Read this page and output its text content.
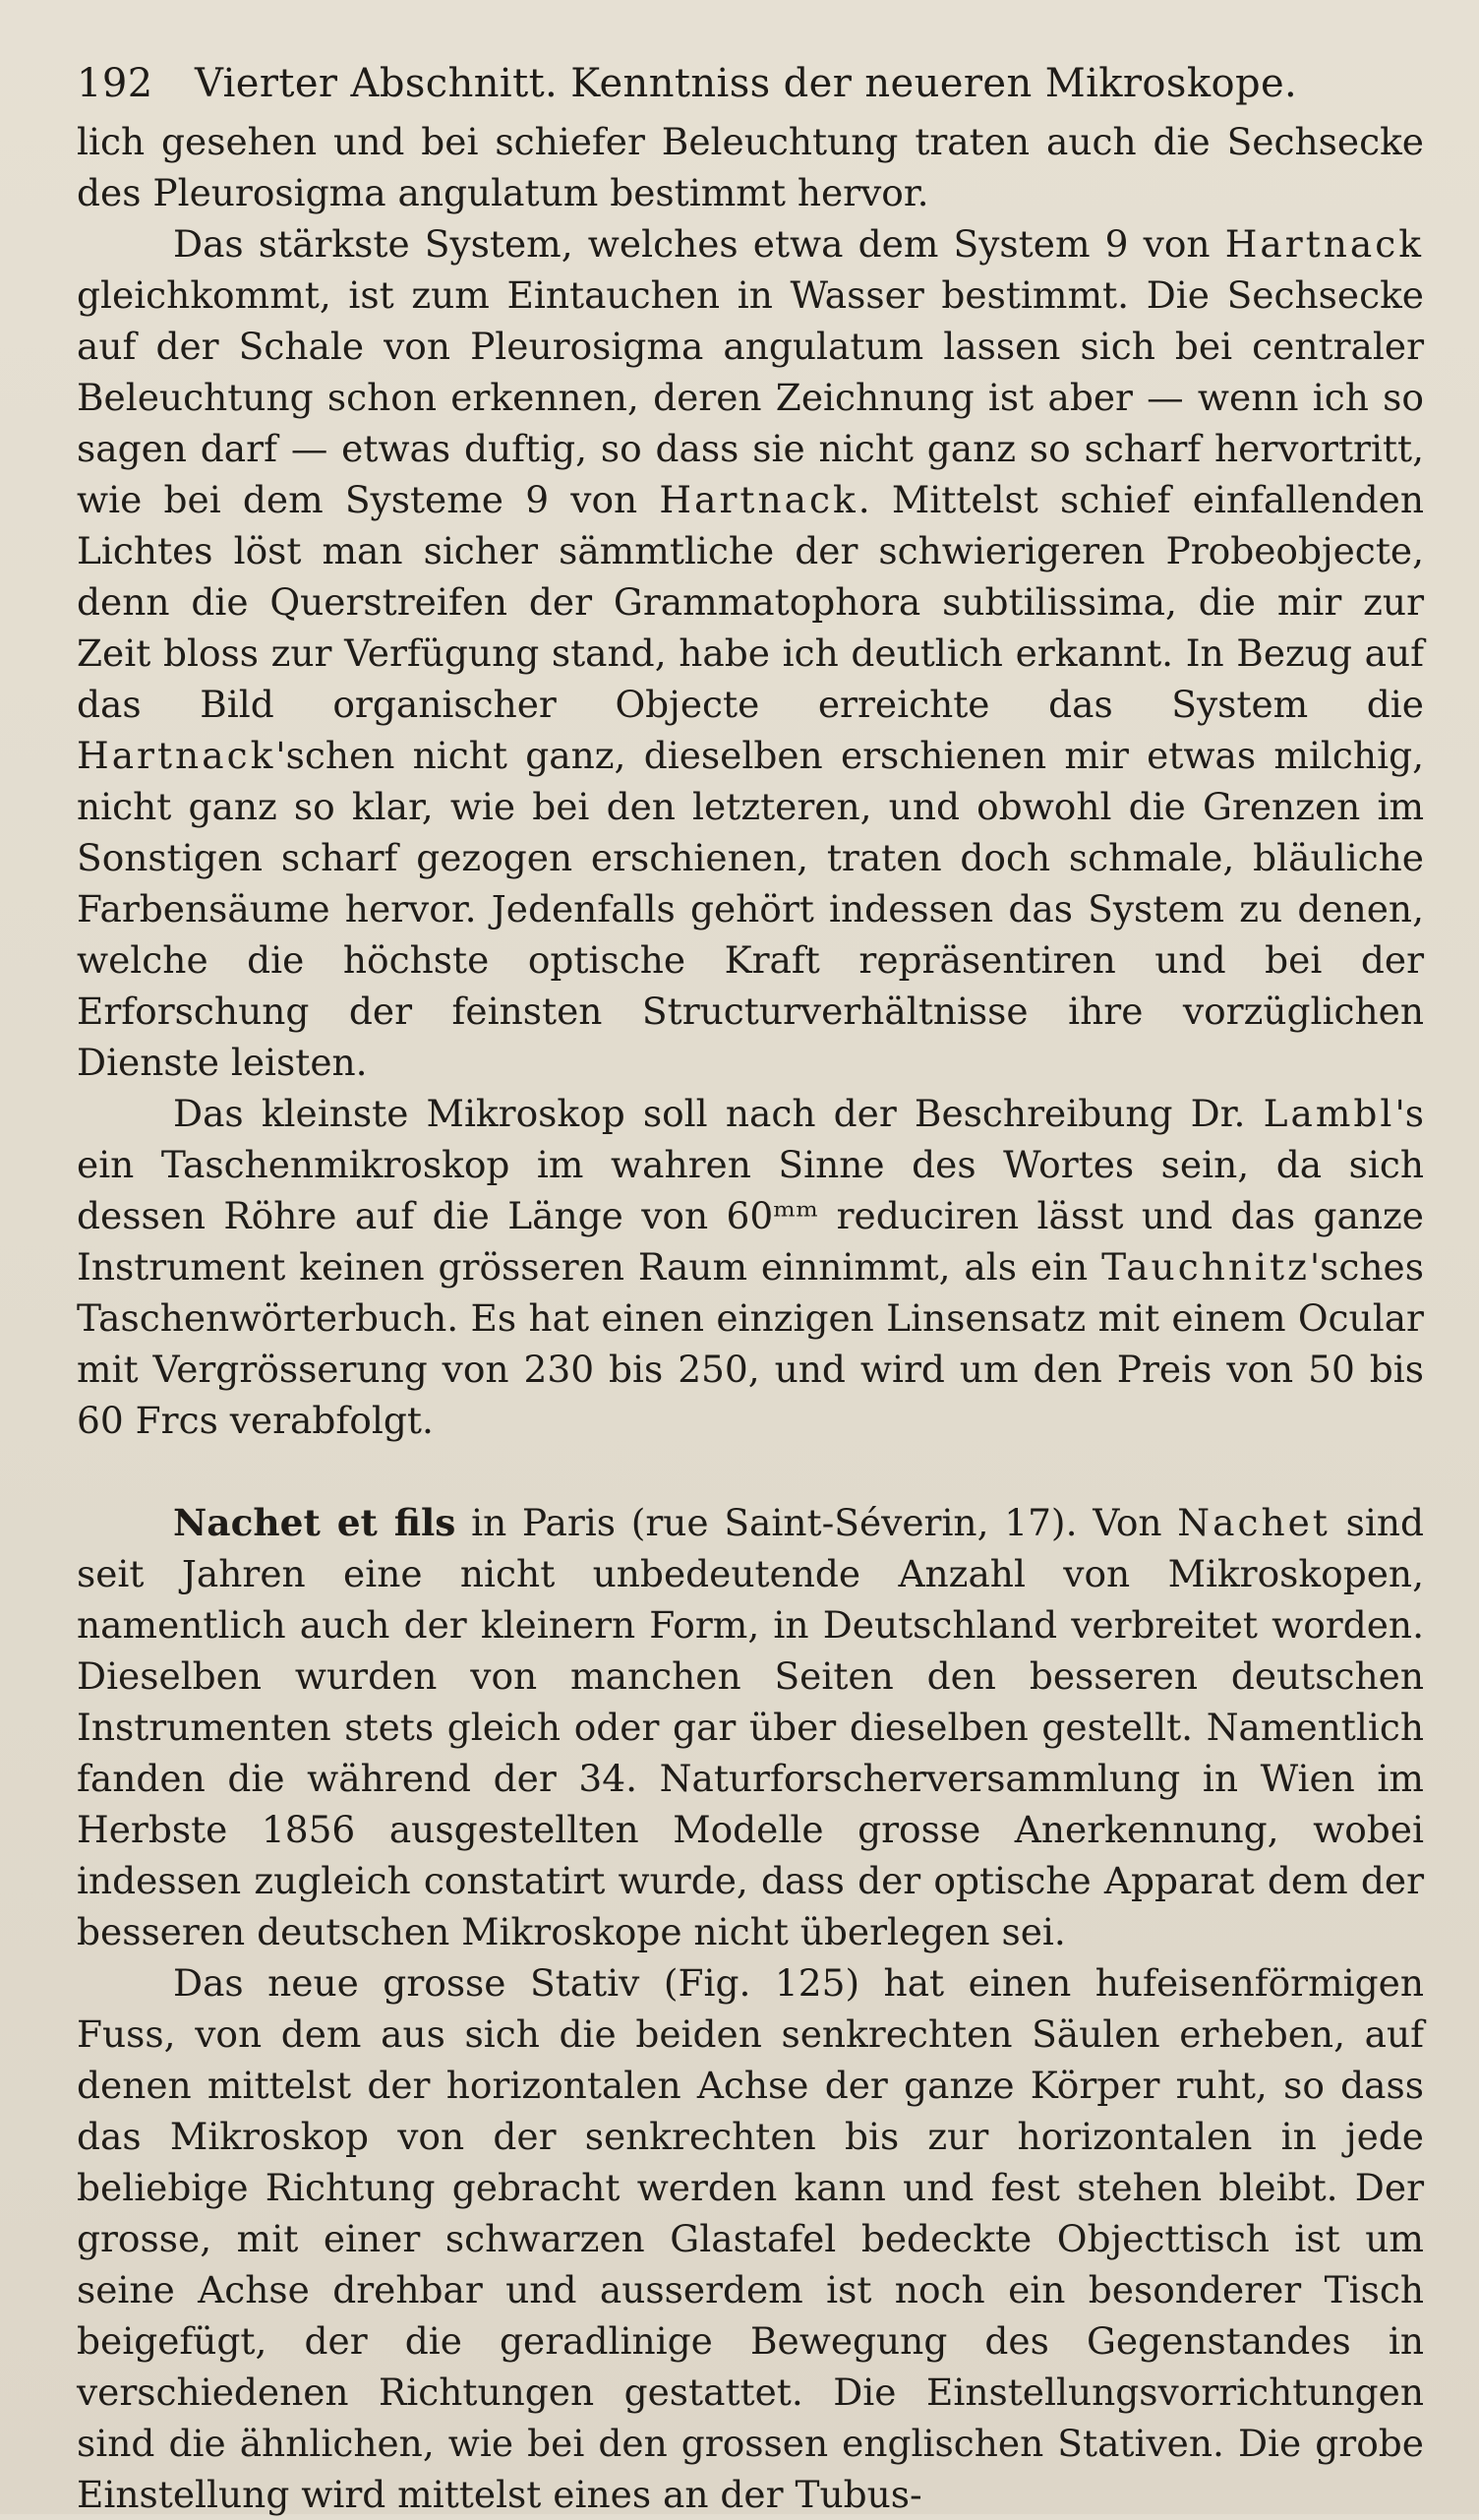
192	Vierter Abschnitt. Kenntniss der neueren Mikroskope.

lich gesehen und bei schiefer Beleuchtung traten auch die Sechsecke des Pleurosigma angulatum bestimmt hervor.

Das stärkste System, welches etwa dem System 9 von Hartnack gleichkommt, ist zum Eintauchen in Wasser bestimmt. Die Sechsecke auf der Schale von Pleurosigma angulatum lassen sich bei centraler Beleuchtung schon erkennen, deren Zeichnung ist aber — wenn ich so sagen darf — etwas duftig, so dass sie nicht ganz so scharf hervortritt, wie bei dem Systeme 9 von Hartnack. Mittelst schief einfallenden Lichtes löst man sicher sämmtliche der schwierigeren Probeobjecte, denn die Querstreifen der Grammatophora subtilissima, die mir zur Zeit bloss zur Verfügung stand, habe ich deutlich erkannt. In Bezug auf das Bild organischer Objecte erreichte das System die Hartnack'schen nicht ganz, dieselben erschienen mir etwas milchig, nicht ganz so klar, wie bei den letzteren, und obwohl die Grenzen im Sonstigen scharf gezogen erschienen, traten doch schmale, bläuliche Farbensäume hervor. Jedenfalls gehört indessen das System zu denen, welche die höchste optische Kraft repräsentiren und bei der Erforschung der feinsten Structurverhältnisse ihre vorzüglichen Dienste leisten.

Das kleinste Mikroskop soll nach der Beschreibung Dr. Lambl's ein Taschenmikroskop im wahren Sinne des Wortes sein, da sich dessen Röhre auf die Länge von 60ᵐᵐ reduciren lässt und das ganze Instrument keinen grösseren Raum einnimmt, als ein Tauchnitz'sches Taschenwörterbuch. Es hat einen einzigen Linsensatz mit einem Ocular mit Vergrösserung von 230 bis 250, und wird um den Preis von 50 bis 60 Frcs verabfolgt.

Nachet et fils in Paris (rue Saint-Séverin, 17). Von Nachet sind seit Jahren eine nicht unbedeutende Anzahl von Mikroskopen, namentlich auch der kleinern Form, in Deutschland verbreitet worden. Dieselben wurden von manchen Seiten den besseren deutschen Instrumenten stets gleich oder gar über dieselben gestellt. Namentlich fanden die während der 34. Naturforscherversammlung in Wien im Herbste 1856 ausgestellten Modelle grosse Anerkennung, wobei indessen zugleich constatirt wurde, dass der optische Apparat dem der besseren deutschen Mikroskope nicht überlegen sei.

Das neue grosse Stativ (Fig. 125) hat einen hufeisenförmigen Fuss, von dem aus sich die beiden senkrechten Säulen erheben, auf denen mittelst der horizontalen Achse der ganze Körper ruht, so dass das Mikroskop von der senkrechten bis zur horizontalen in jede beliebige Richtung gebracht werden kann und fest stehen bleibt. Der grosse, mit einer schwarzen Glastafel bedeckte Objecttisch ist um seine Achse drehbar und ausserdem ist noch ein besonderer Tisch beigefügt, der die geradlinige Bewegung des Gegenstandes in verschiedenen Richtungen gestattet. Die Einstellungsvorrichtungen sind die ähnlichen, wie bei den grossen englischen Stativen. Die grobe Einstellung wird mittelst eines an der Tubus-
